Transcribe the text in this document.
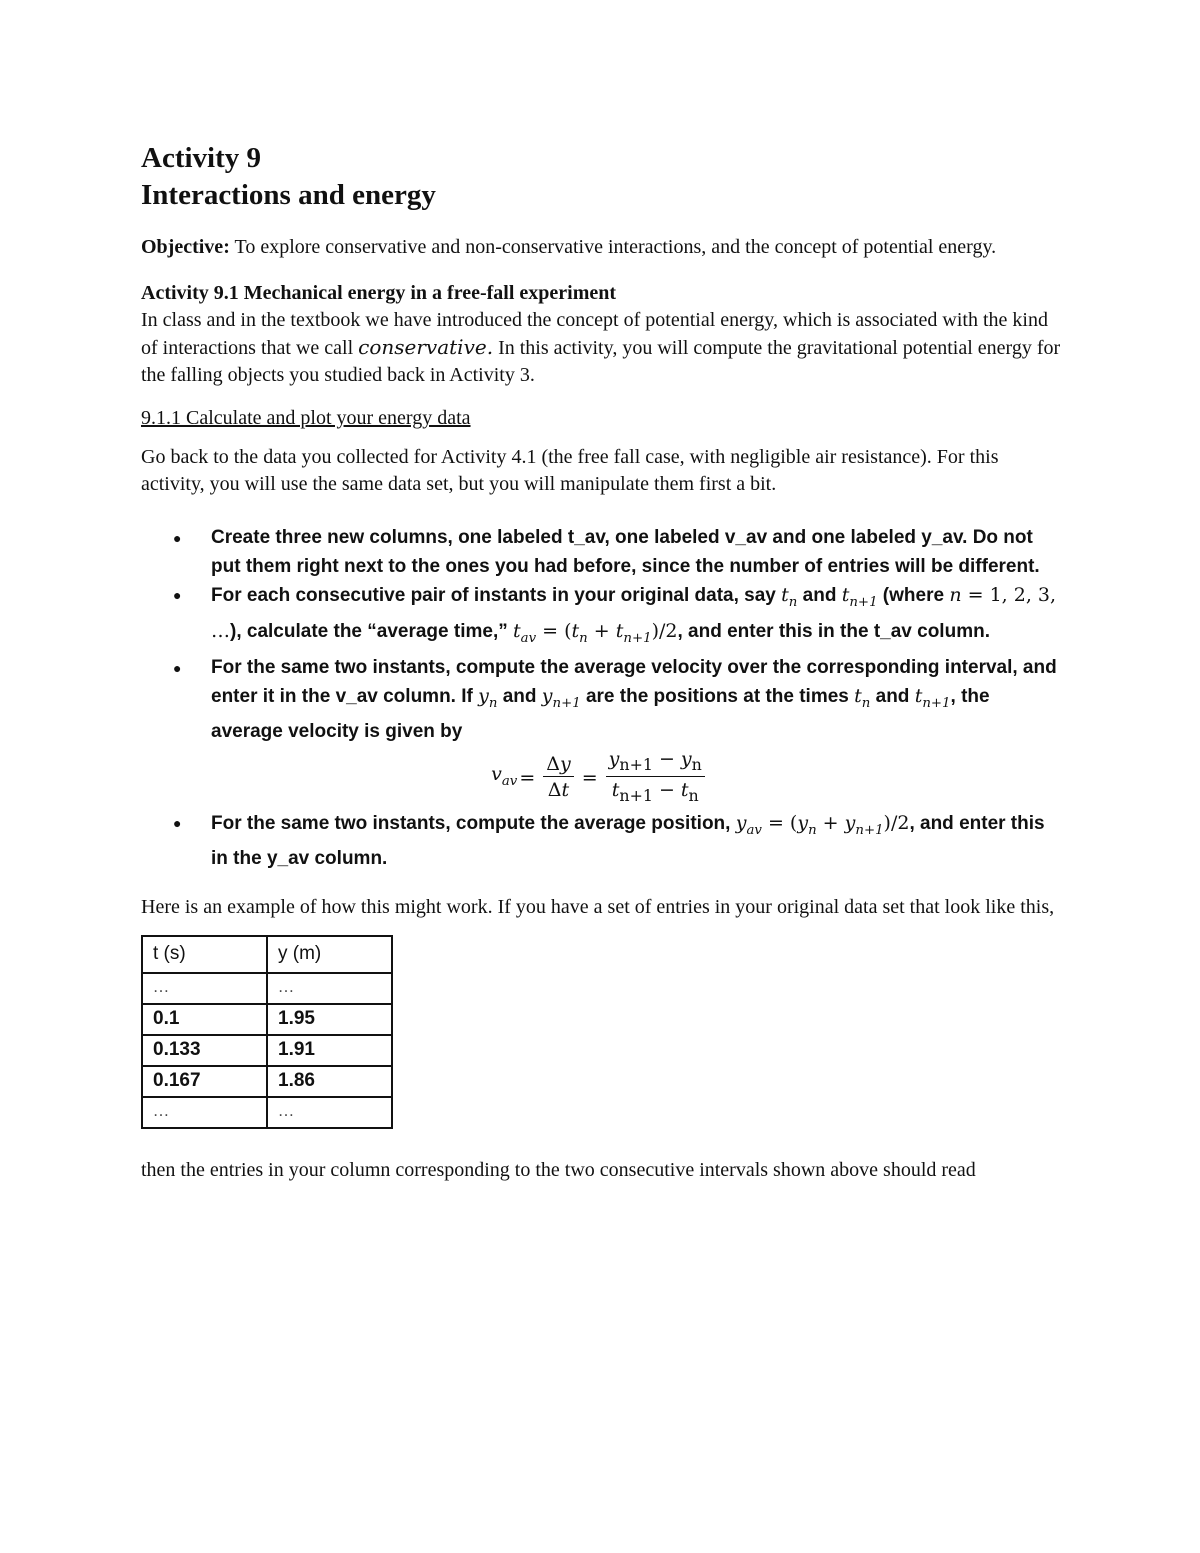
Activity 9
Interactions and energy

Objective: To explore conservative and non-conservative interactions, and the concept of potential energy.

Activity 9.1 Mechanical energy in a free-fall experiment

In class and in the textbook we have introduced the concept of potential energy, which is associated with the kind of interactions that we call conservative. In this activity, you will compute the gravitational potential energy for the falling objects you studied back in Activity 3.

9.1.1 Calculate and plot your energy data

Go back to the data you collected for Activity 4.1 (the free fall case, with negligible air resistance). For this activity, you will use the same data set, but you will manipulate them first a bit.

● Create three new columns, one labeled t_av, one labeled v_av and one labeled y_av. Do not put them right next to the ones you had before, since the number of entries will be different.
● For each consecutive pair of instants in your original data, say $t_n$ and $t_{n+1}$ (where n = 1, 2, 3, …), calculate the “average time,” $t_{av} = (t_n + t_{n+1})/2$, and enter this in the t_av column.
● For the same two instants, compute the average velocity over the corresponding interval, and enter it in the v_av column. If $y_n$ and $y_{n+1}$ are the positions at the times $t_n$ and $t_{n+1}$, the average velocity is given by
$v_{av} = \frac{\Delta y}{\Delta t} = \frac{y_{n+1} - y_n}{t_{n+1} - t_n}$
● For the same two instants, compute the average position, $y_{av} = (y_n + y_{n+1})/2$, and enter this in the y_av column.

Here is an example of how this might work. If you have a set of entries in your original data set that look like this,

t (s)	y (m)
…	…
0.1	1.95
0.133	1.91
0.167	1.86
…	…

then the entries in your column corresponding to the two consecutive intervals shown above should read
